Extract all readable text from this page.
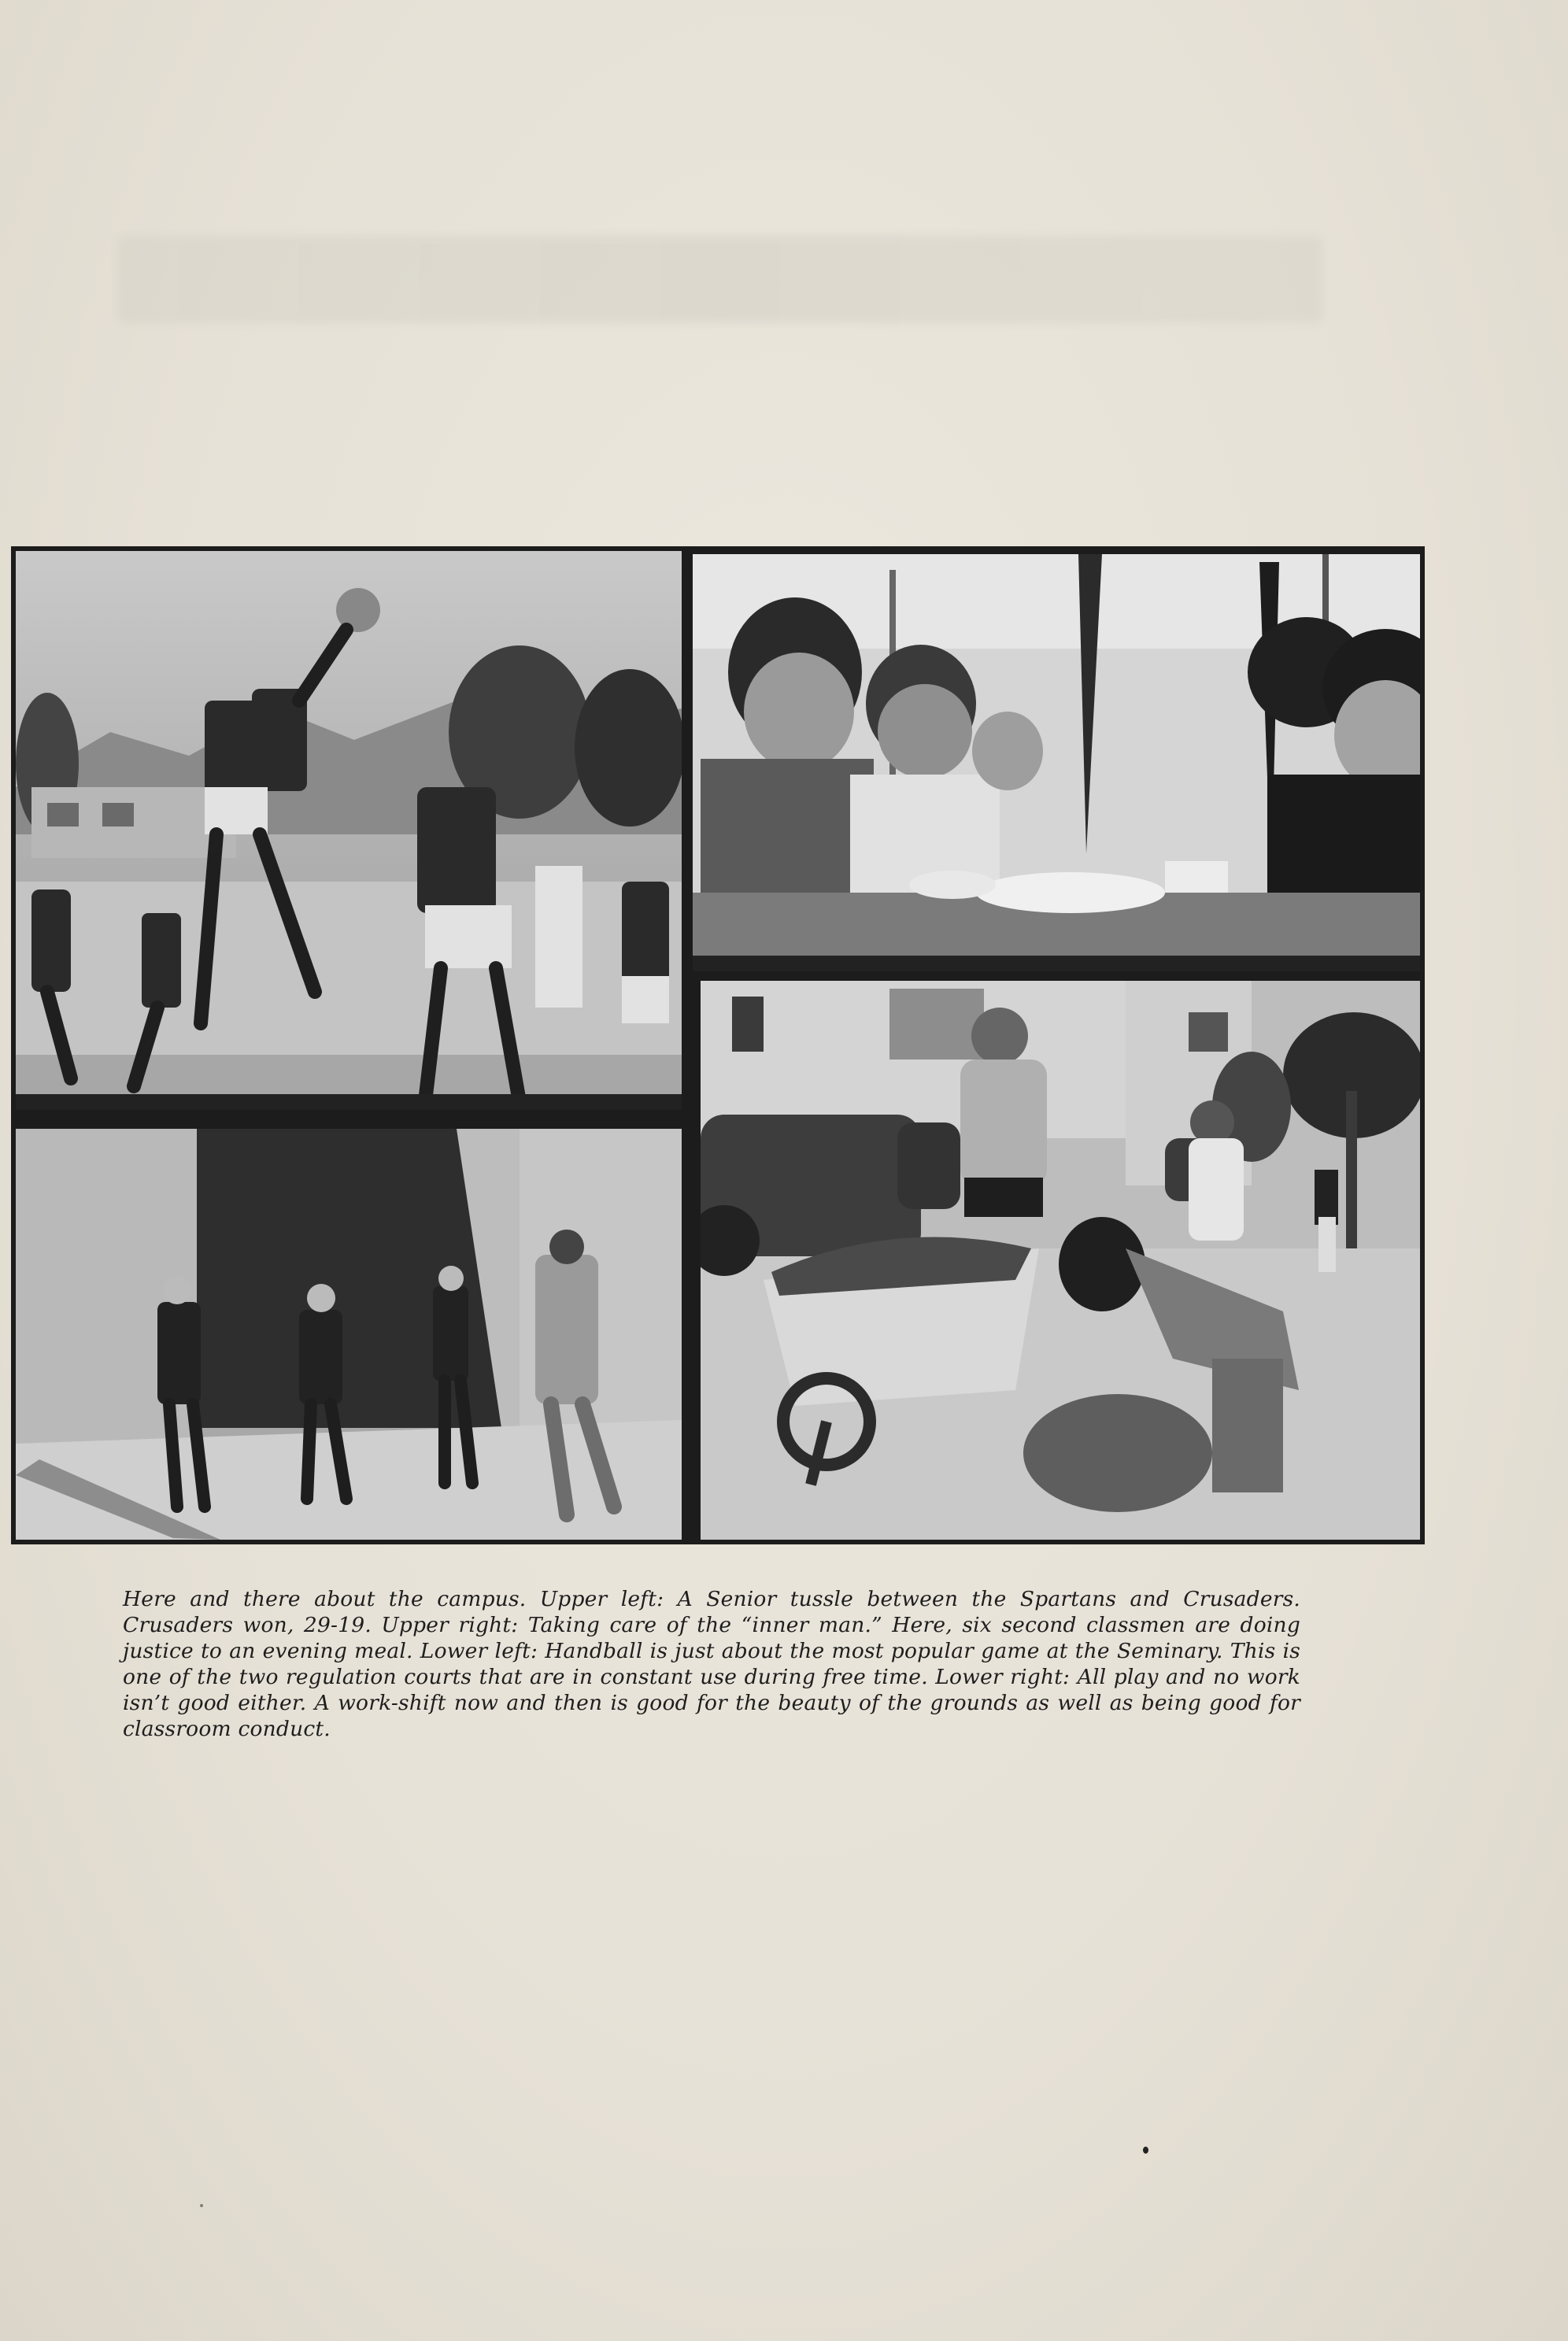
Here and there about the campus. Upper left: A Senior tussle between the Spartans and Crusaders. Crusaders won, 29-19. Upper right: Taking care of the “inner man.” Here, six second classmen are doing justice to an evening meal. Lower left: Handball is just about the most popular game at the Seminary. This is one of the two regulation courts that are in constant use during free time. Lower right: All play and no work isn’t good either. A work-shift now and then is good for the beauty of the grounds as well as being good for classroom conduct.
